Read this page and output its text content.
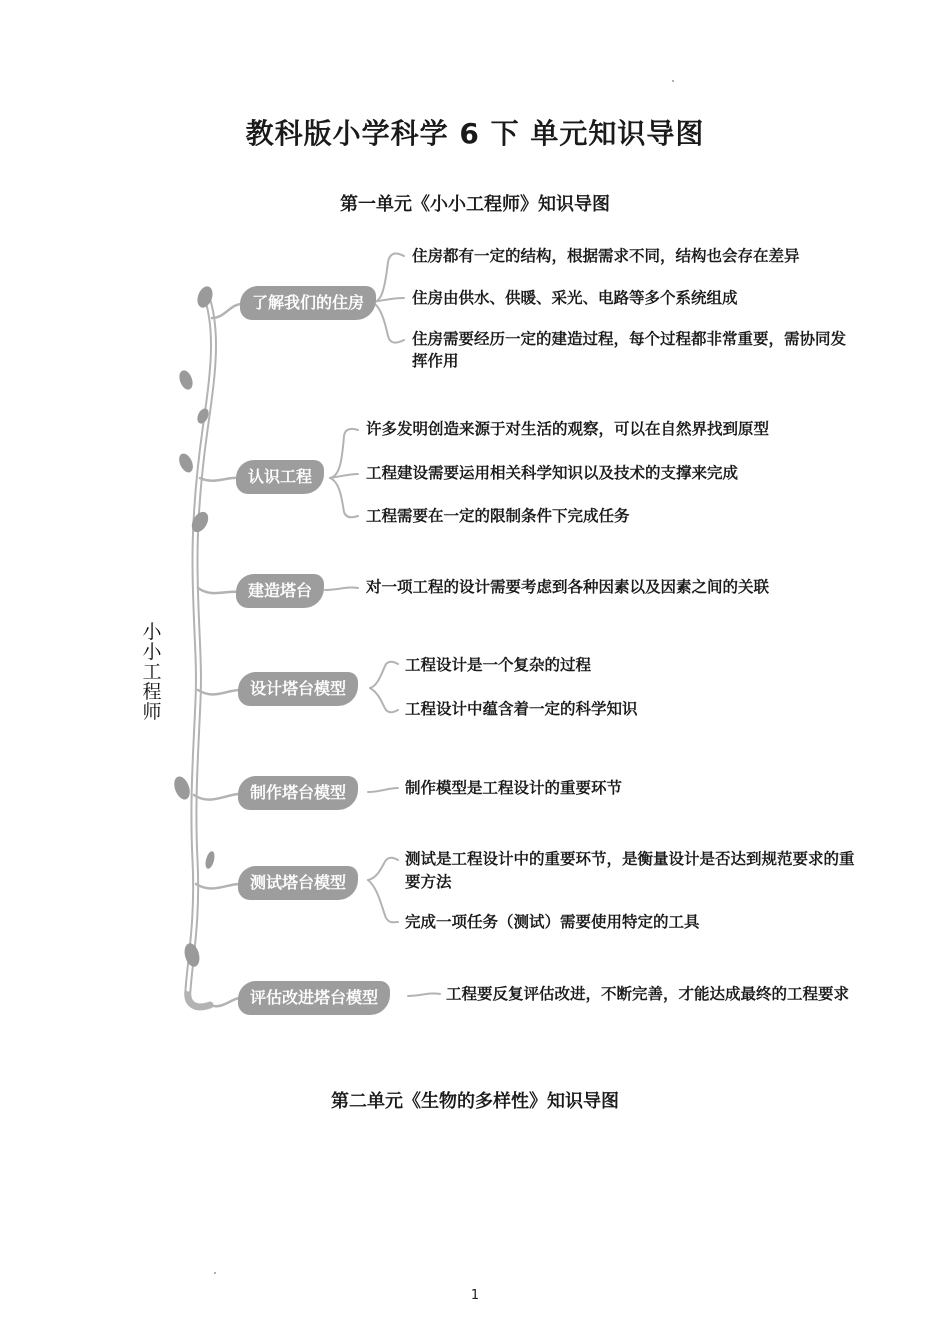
教科版小学科学 6 下 单元知识导图
第一单元《小小工程师》知识导图
小小工程师
了解我们的住房
认识工程
建造塔台
设计塔台模型
制作塔台模型
测试塔台模型
评估改进塔台模型
住房都有一定的结构，根据需求不同，结构也会存在差异
住房由供水、供暖、采光、电路等多个系统组成
住房需要经历一定的建造过程，每个过程都非常重要，需协同发
挥作用
许多发明创造来源于对生活的观察，可以在自然界找到原型
工程建设需要运用相关科学知识以及技术的支撑来完成
工程需要在一定的限制条件下完成任务
对一项工程的设计需要考虑到各种因素以及因素之间的关联
工程设计是一个复杂的过程
工程设计中蕴含着一定的科学知识
制作模型是工程设计的重要环节
测试是工程设计中的重要环节，是衡量设计是否达到规范要求的重
要方法
完成一项任务（测试）需要使用特定的工具
工程要反复评估改进，不断完善，才能达成最终的工程要求
第二单元《生物的多样性》知识导图
1
